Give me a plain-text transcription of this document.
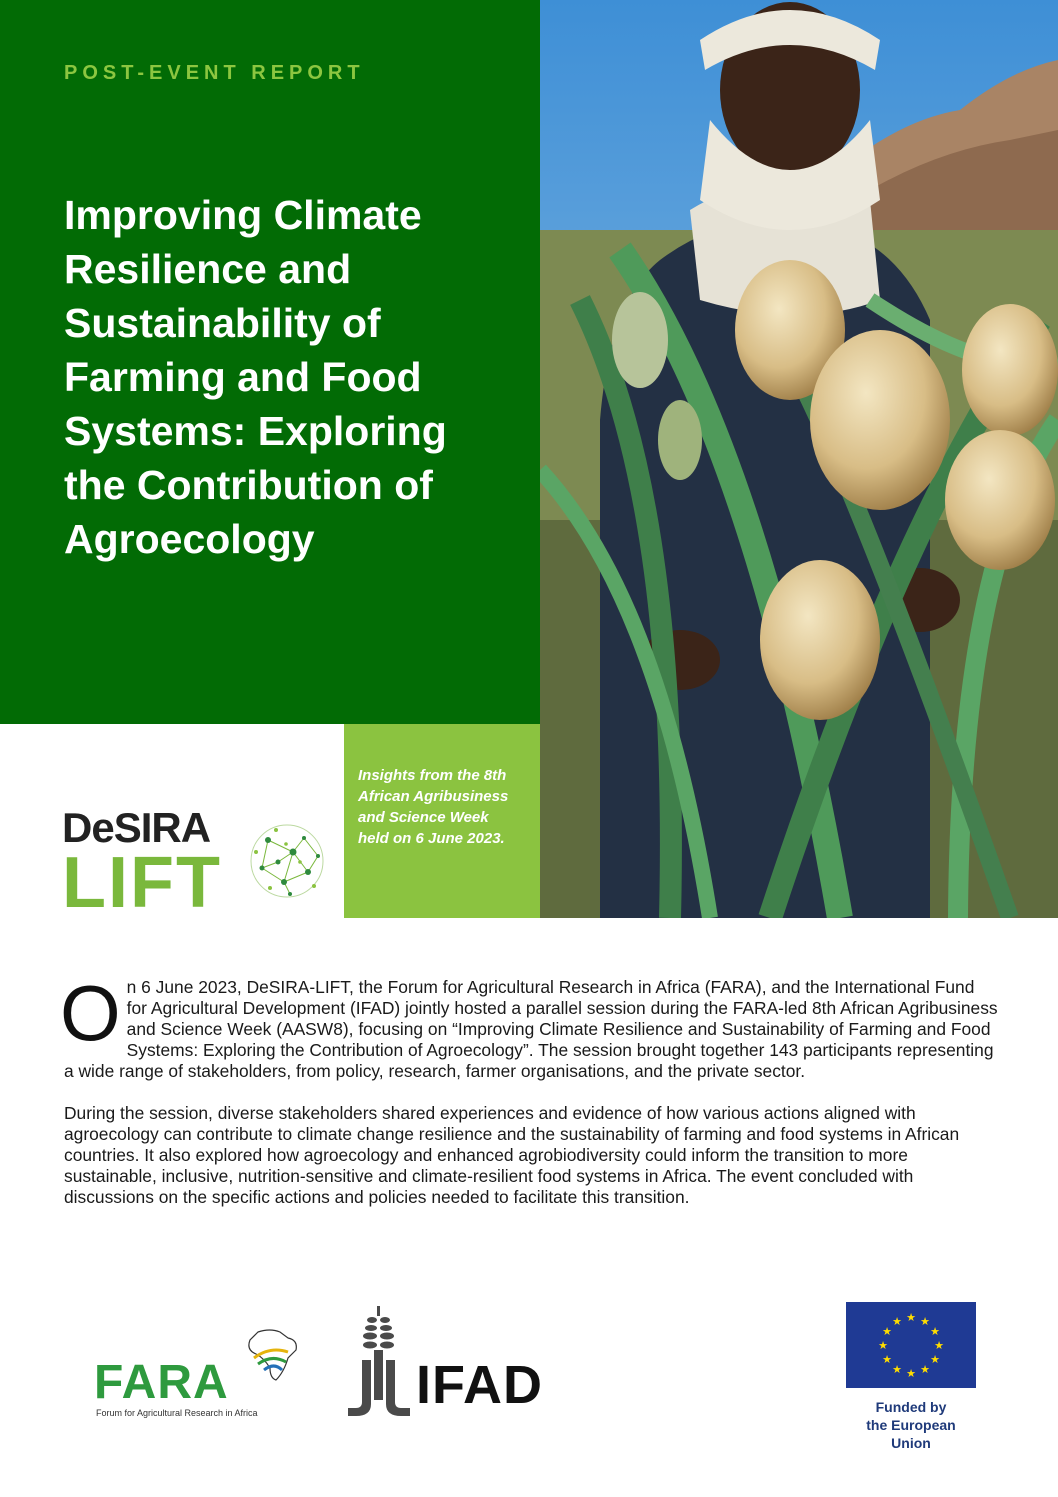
POST-EVENT REPORT
Improving Climate Resilience and Sustainability of Farming and Food Systems: Exploring the Contribution of Agroecology
DeSIRA
LIFT
Insights from the 8th African Agribusiness and Science Week held on 6 June 2023.

On 6 June 2023, DeSIRA-LIFT, the Forum for Agricultural Research in Africa (FARA), and the International Fund for Agricultural Development (IFAD) jointly hosted a parallel session during the FARA-led 8th African Agribusiness and Science Week (AASW8), focusing on “Improving Climate Resilience and Sustainability of Farming and Food Systems: Exploring the Contribution of Agroecology”. The session brought together 143 participants representing a wide range of stakeholders, from policy, research, farmer organisations, and the private sector.

During the session, diverse stakeholders shared experiences and evidence of how various actions aligned with agroecology can contribute to climate change resilience and the sustainability of farming and food systems in African countries. It also explored how agroecology and enhanced agrobiodiversity could inform the transition to more sustainable, inclusive, nutrition-sensitive and climate-resilient food systems in Africa. The event concluded with discussions on the specific actions and policies needed to facilitate this transition.

FARA
Forum for Agricultural Research in Africa	IFAD
★ ★
★
★
★
★
★
★
★
★
★
★
Funded by
the European Union
